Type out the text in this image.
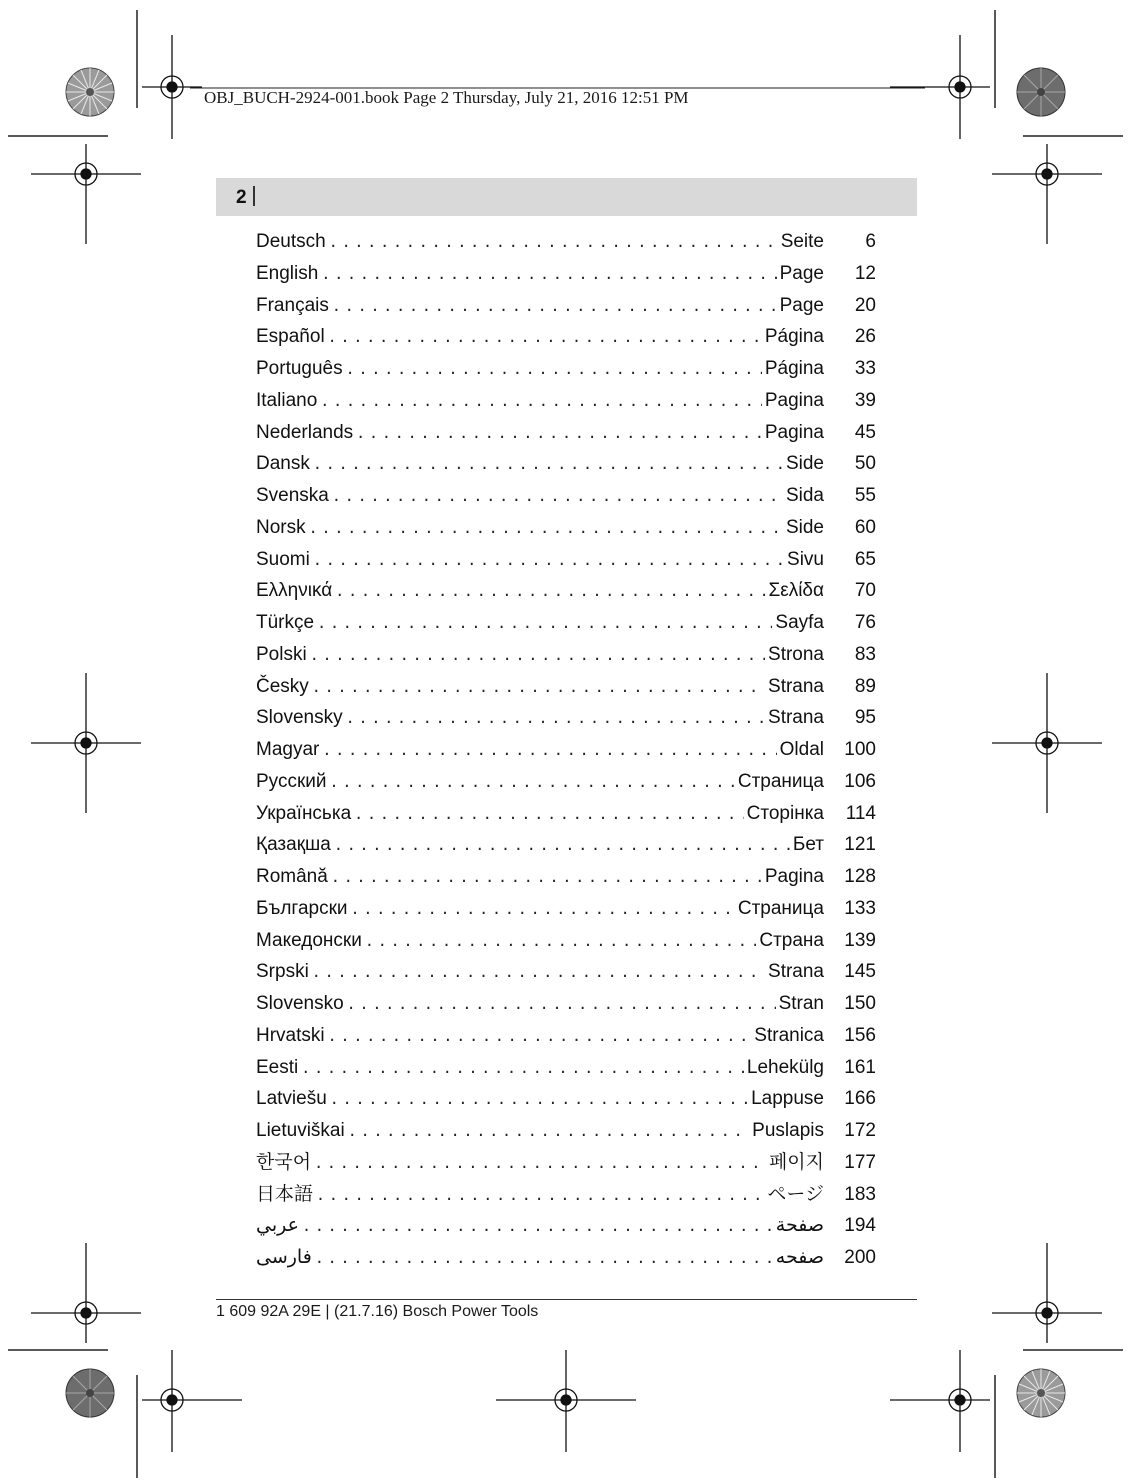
OBJ_BUCH-2924-001.book Page 2 Thursday, July 21, 2016 12:51 PM
2
Deutsch . . .	Seite	6
English . . .	Page	12
Français . . .	Page	20
Español . . .	Página	26
Português . . .	Página	33
Italiano . . .	Pagina	39
Nederlands . . .	Pagina	45
Dansk . . .	Side	50
Svenska . . .	Sida	55
Norsk . . .	Side	60
Suomi . . .	Sivu	65
Ελληνικά . . .	Σελίδα	70
Türkçe . . .	Sayfa	76
Polski . . .	Strona	83
Česky . . .	Strana	89
Slovensky . . .	Strana	95
Magyar . . .	Oldal	100
Русский . . .	Страница	106
Українська . . .	Сторінка	114
Қазақша . . .	Бет	121
Română . . .	Pagina	128
Български . . .	Страница	133
Македонски . . .	Страна	139
Srpski . . .	Strana	145
Slovensko . . .	Stran	150
Hrvatski . . .	Stranica	156
Eesti . . .	Lehekülg	161
Latviešu . . .	Lappuse	166
Lietuviškai . . .	Puslapis	172
한국어 . . .	페이지	177
日本語 . . .	ページ	183
عربي . . .	صفحة	194
فارسی . . .	صفحه	200
1 609 92A 29E | (21.7.16) Bosch Power Tools
